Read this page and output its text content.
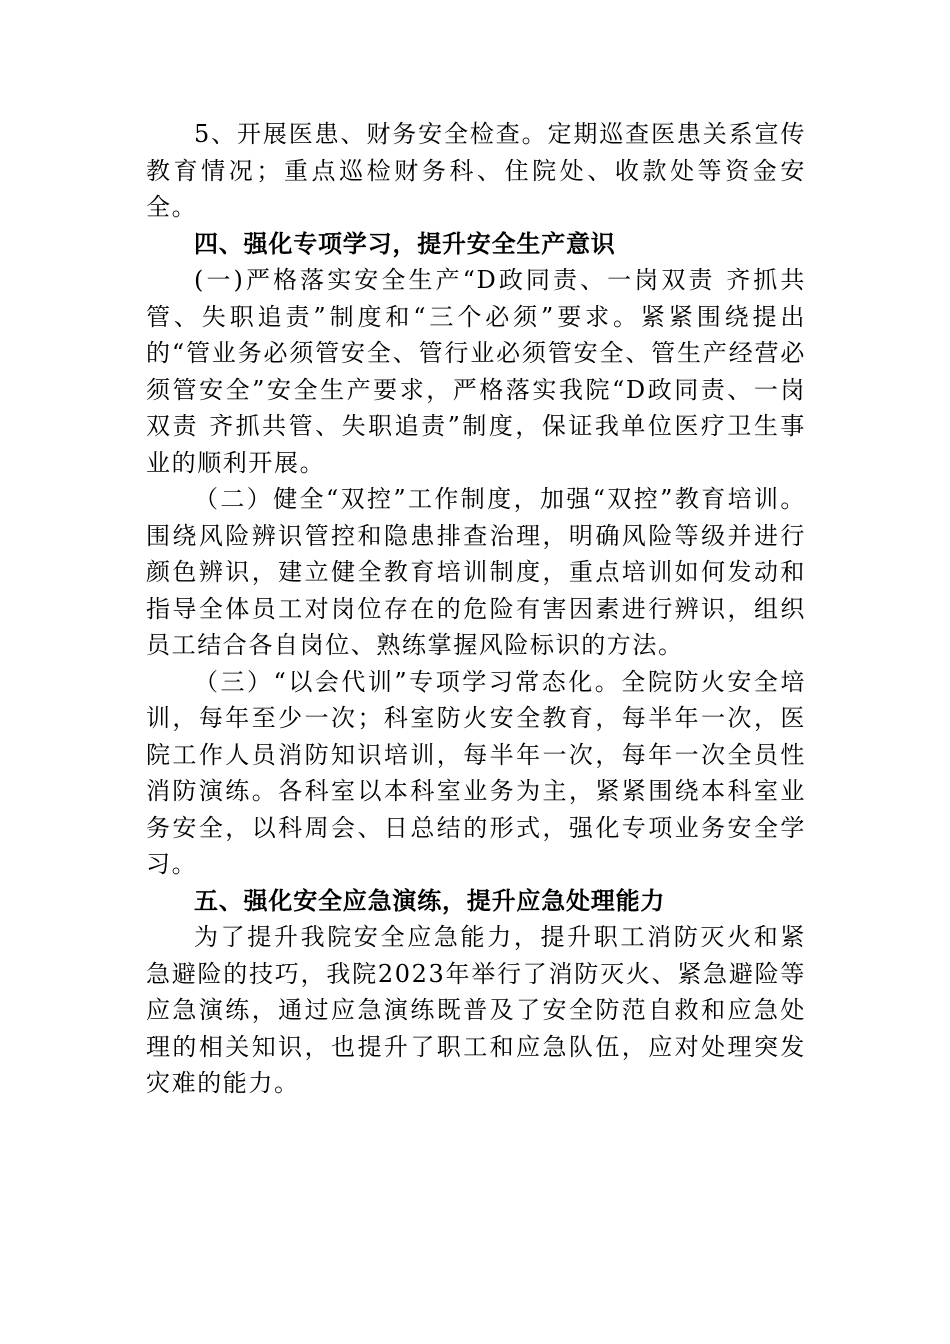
5、开展医患、财务安全检查。定期巡查医患关系宣传教育情况；重点巡检财务科、住院处、收款处等资金安全。

四、强化专项学习，提升安全生产意识

(一)严格落实安全生产“D政同责、一岗双责 齐抓共管、失职追责”制度和“三个必须”要求。紧紧围绕提出的“管业务必须管安全、管行业必须管安全、管生产经营必须管安全”安全生产要求，严格落实我院“D政同责、一岗双责 齐抓共管、失职追责”制度，保证我单位医疗卫生事业的顺利开展。

（二）健全“双控”工作制度，加强“双控”教育培训。围绕风险辨识管控和隐患排查治理，明确风险等级并进行颜色辨识，建立健全教育培训制度，重点培训如何发动和指导全体员工对岗位存在的危险有害因素进行辨识，组织员工结合各自岗位、熟练掌握风险标识的方法。

（三）“以会代训”专项学习常态化。全院防火安全培训，每年至少一次；科室防火安全教育，每半年一次，医院工作人员消防知识培训，每半年一次，每年一次全员性消防演练。各科室以本科室业务为主，紧紧围绕本科室业务安全，以科周会、日总结的形式，强化专项业务安全学习。

五、强化安全应急演练，提升应急处理能力

为了提升我院安全应急能力，提升职工消防灭火和紧急避险的技巧，我院2023年举行了消防灭火、紧急避险等应急演练，通过应急演练既普及了安全防范自救和应急处理的相关知识，也提升了职工和应急队伍，应对处理突发灾难的能力。
